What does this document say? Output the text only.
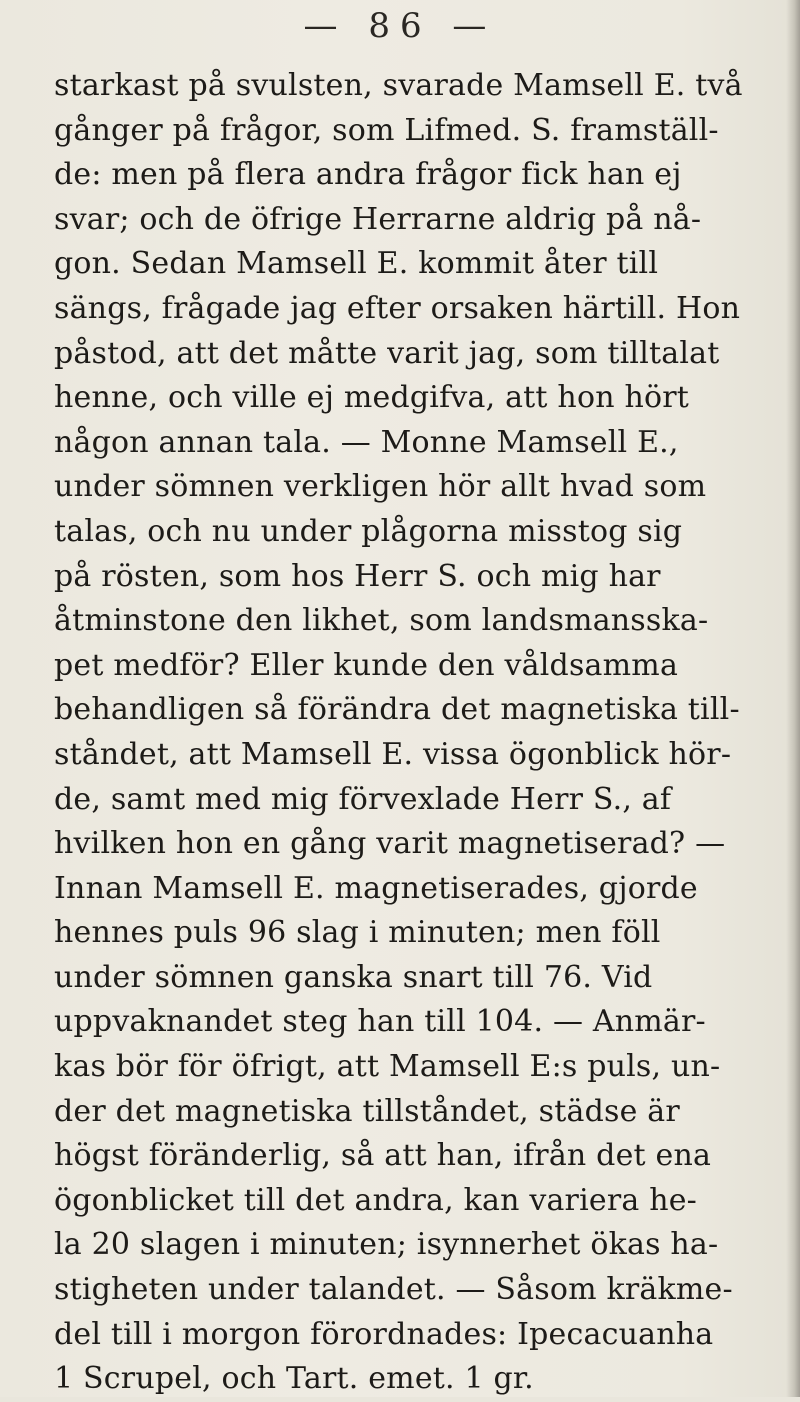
— 86 —
starkast på svulsten, svarade Mamsell E. två
gånger på frågor, som Lifmed. S. framställ-
de: men på flera andra frågor fick han ej
svar; och de öfrige Herrarne aldrig på nå-
gon. Sedan Mamsell E. kommit åter till
sängs, frågade jag efter orsaken härtill. Hon
påstod, att det måtte varit jag, som tilltalat
henne, och ville ej medgifva, att hon hört
någon annan tala. — Monne Mamsell E.,
under sömnen verkligen hör allt hvad som
talas, och nu under plågorna misstog sig
på rösten, som hos Herr S. och mig har
åtminstone den likhet, som landsmansska-
pet medför? Eller kunde den våldsamma
behandligen så förändra det magnetiska till-
ståndet, att Mamsell E. vissa ögonblick hör-
de, samt med mig förvexlade Herr S., af
hvilken hon en gång varit magnetiserad? —
Innan Mamsell E. magnetiserades, gjorde
hennes puls 96 slag i minuten; men föll
under sömnen ganska snart till 76. Vid
uppvaknandet steg han till 104. — Anmär-
kas bör för öfrigt, att Mamsell E:s puls, un-
der det magnetiska tillståndet, städse är
högst föränderlig, så att han, ifrån det ena
ögonblicket till det andra, kan variera he-
la 20 slagen i minuten; isynnerhet ökas ha-
stigheten under talandet. — Såsom kräkme-
del till i morgon förordnades: Ipecacuanha
1 Scrupel, och Tart. emet. 1 gr.
